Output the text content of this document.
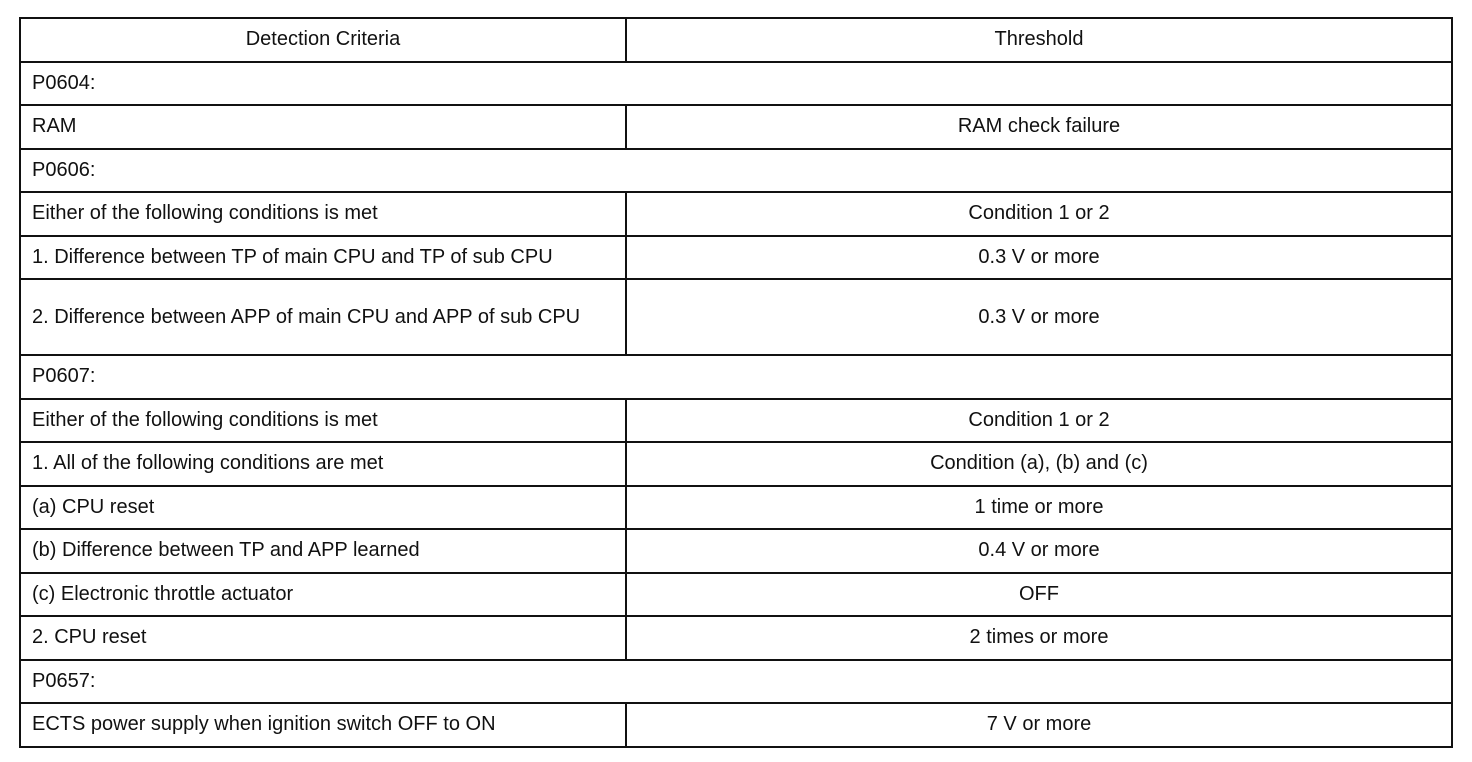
Detection Criteria	Threshold
P0604:	
RAM	RAM check failure
P0606:	
Either of the following conditions is met	Condition 1 or 2
1. Difference between TP of main CPU and TP of sub CPU	0.3 V or more
2. Difference between APP of main CPU and APP of sub CPU	0.3 V or more
P0607:	
Either of the following conditions is met	Condition 1 or 2
1. All of the following conditions are met	Condition (a), (b) and (c)
(a) CPU reset	1 time or more
(b) Difference between TP and APP learned	0.4 V or more
(c) Electronic throttle actuator	OFF
2. CPU reset	2 times or more
P0657:	
ECTS power supply when ignition switch OFF to ON	7 V or more
